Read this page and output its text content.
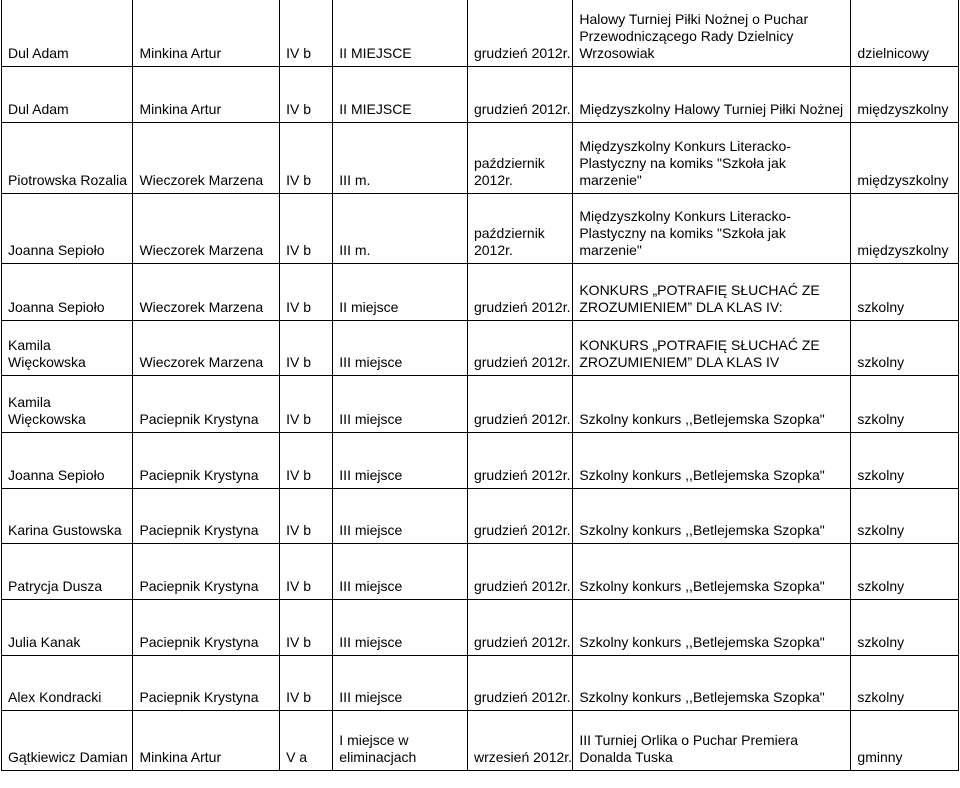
Dul Adam	Minkina Artur	IV b	II MIEJSCE	grudzień 2012r.	Halowy Turniej Piłki Nożnej o Puchar Przewodniczącego Rady Dzielnicy Wrzosowiak	dzielnicowy
Dul Adam	Minkina Artur	IV b	II MIEJSCE	grudzień 2012r.	Międzyszkolny Halowy Turniej Piłki Nożnej	międzyszkolny
Piotrowska Rozalia	Wieczorek Marzena	IV b	III m.	październik 2012r.	Międzyszkolny Konkurs Literacko-Plastyczny na komiks "Szkoła jak marzenie"	międzyszkolny
Joanna Sepioło	Wieczorek Marzena	IV b	III m.	październik 2012r.	Międzyszkolny Konkurs Literacko-Plastyczny na komiks "Szkoła jak marzenie"	międzyszkolny
Joanna Sepioło	Wieczorek Marzena	IV b	II miejsce	grudzień 2012r.	KONKURS „POTRAFIĘ SŁUCHAĆ ZE ZROZUMIENIEM” DLA KLAS IV:	szkolny
Kamila Więckowska	Wieczorek Marzena	IV b	III miejsce	grudzień 2012r.	KONKURS „POTRAFIĘ SŁUCHAĆ ZE ZROZUMIENIEM” DLA KLAS IV	szkolny
Kamila Więckowska	Paciepnik Krystyna	IV b	III miejsce	grudzień 2012r.	Szkolny konkurs ,,Betlejemska Szopka"	szkolny
Joanna Sepioło	Paciepnik Krystyna	IV b	III miejsce	grudzień 2012r.	Szkolny konkurs ,,Betlejemska Szopka"	szkolny
Karina Gustowska	Paciepnik Krystyna	IV b	III miejsce	grudzień 2012r.	Szkolny konkurs ,,Betlejemska Szopka"	szkolny
Patrycja Dusza	Paciepnik Krystyna	IV b	III miejsce	grudzień 2012r.	Szkolny konkurs ,,Betlejemska Szopka"	szkolny
Julia Kanak	Paciepnik Krystyna	IV b	III miejsce	grudzień 2012r.	Szkolny konkurs ,,Betlejemska Szopka"	szkolny
Alex Kondracki	Paciepnik Krystyna	IV b	III miejsce	grudzień 2012r.	Szkolny konkurs ,,Betlejemska Szopka"	szkolny
Gątkiewicz Damian	Minkina Artur	V a	I miejsce w eliminacjach	wrzesień 2012r.	III Turniej Orlika o Puchar Premiera Donalda Tuska	gminny
